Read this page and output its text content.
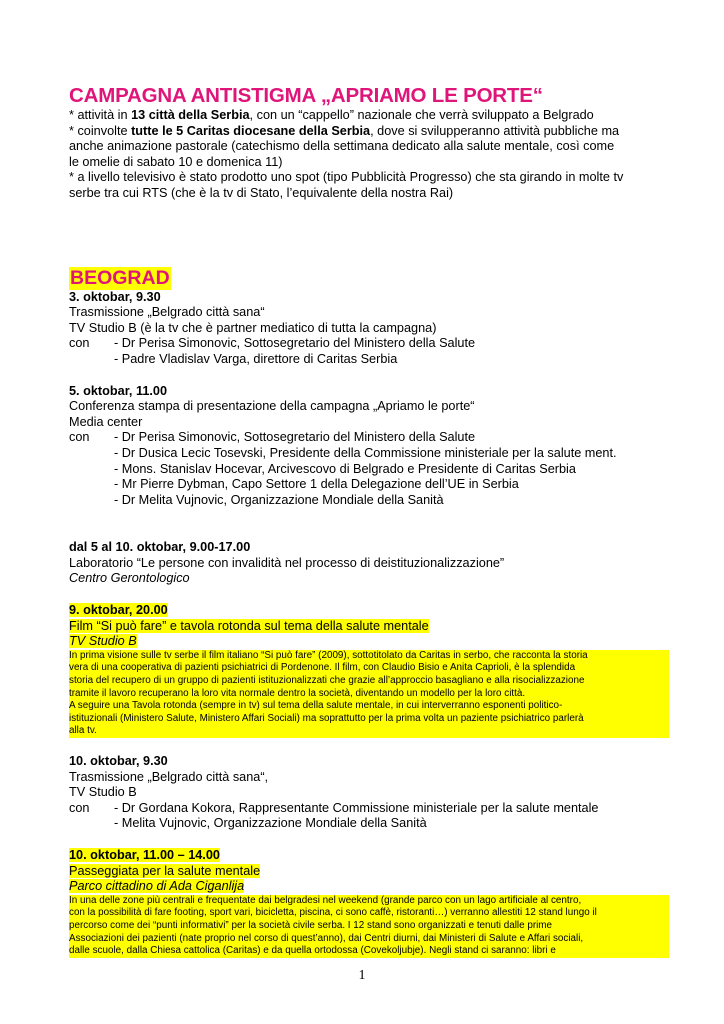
CAMPAGNA ANTISTIGMA „APRIAMO LE PORTE“
* attività in 13 città della Serbia, con un “cappello” nazionale che verrà sviluppato a Belgrado
* coinvolte tutte le 5 Caritas diocesane della Serbia, dove si svilupperanno attività pubbliche ma
anche animazione pastorale (catechismo della settimana dedicato alla salute mentale, così come
le omelie di sabato 10 e domenica 11)
* a livello televisivo è stato prodotto uno spot (tipo Pubblicità Progresso) che sta girando in molte tv
serbe tra cui RTS (che è la tv di Stato, l’equivalente della nostra Rai)
BEOGRAD
3. oktobar, 9.30
Trasmissione „Belgrado città sana“
TV Studio B (è la tv che è partner mediatico di tutta la campagna)
con	- Dr Perisa Simonovic, Sottosegretario del Ministero della Salute
- Padre Vladislav Varga, direttore di Caritas Serbia
5. oktobar, 11.00
Conferenza stampa di presentazione della campagna „Apriamo le porte“
Media center
con	- Dr Perisa Simonovic, Sottosegretario del Ministero della Salute
- Dr Dusica Lecic Tosevski, Presidente della Commissione ministeriale per la salute ment.
- Mons. Stanislav Hocevar, Arcivescovo di Belgrado e Presidente di Caritas Serbia
- Mr Pierre Dybman, Capo Settore 1 della Delegazione dell’UE in Serbia
- Dr Melita Vujnovic, Organizzazione Mondiale della Sanità
dal 5 al 10. oktobar, 9.00-17.00
Laboratorio “Le persone con invalidità nel processo di deistituzionalizzazione”
Centro Gerontologico
9. oktobar, 20.00
Film “Si può fare” e tavola rotonda sul tema della salute mentale
TV Studio B
In prima visione sulle tv serbe il film italiano “Si può fare” (2009), sottotitolato da Caritas in serbo, che racconta la storia
vera di una cooperativa di pazienti psichiatrici di Pordenone. Il film, con Claudio Bisio e Anita Caprioli, è la splendida
storia del recupero di un gruppo di pazienti istituzionalizzati che grazie all’approccio basagliano e alla risocializzazione
tramite il lavoro recuperano la loro vita normale dentro la società, diventando un modello per la loro città.
A seguire una Tavola rotonda (sempre in tv) sul tema della salute mentale, in cui interverranno esponenti politico-
istituzionali (Ministero Salute, Ministero Affari Sociali) ma soprattutto per la prima volta un paziente psichiatrico parlerà
alla tv.
10. oktobar, 9.30
Trasmissione „Belgrado città sana“,
TV Studio B
con	- Dr Gordana Kokora, Rappresentante Commissione ministeriale per la salute mentale
- Melita Vujnovic, Organizzazione Mondiale della Sanità
10. oktobar, 11.00 – 14.00
Passeggiata per la salute mentale
Parco cittadino di Ada Ciganlija
In una delle zone più centrali e frequentate dai belgradesi nel weekend (grande parco con un lago artificiale al centro,
con la possibilità di fare footing, sport vari, bicicletta, piscina, ci sono caffè, ristoranti…) verranno allestiti 12 stand lungo il
percorso come dei “punti informativi” per la società civile serba. I 12 stand sono organizzati e tenuti dalle prime
Associazioni dei pazienti (nate proprio nel corso di quest’anno), dai Centri diurni, dai Ministeri di Salute e Affari sociali,
dalle scuole, dalla Chiesa cattolica (Caritas) e da quella ortodossa (Covekoljubje). Negli stand ci saranno: libri e
1
